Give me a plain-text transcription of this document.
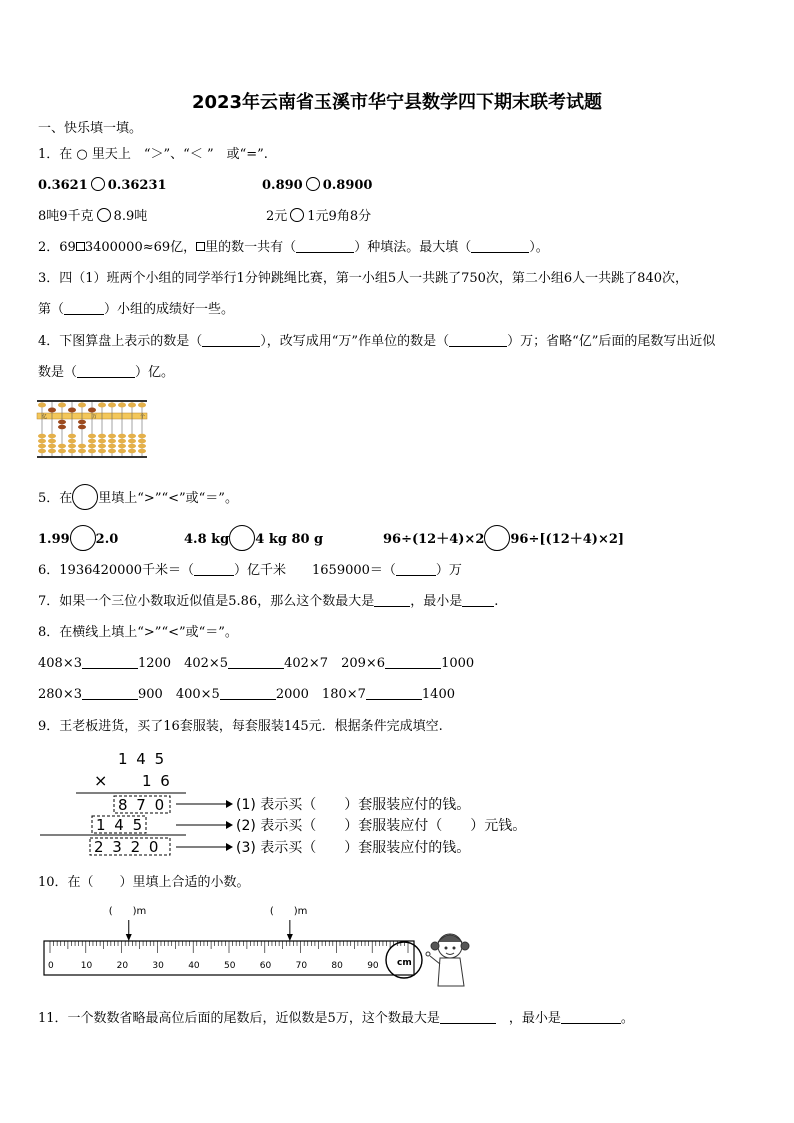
2023年云南省玉溪市华宁县数学四下期末联考试题
一、快乐填一填。
1．在 ○ 里天上　“＞”、“＜ ”　或“=”.
0.3621 0.36231	0.890 0.8900
8吨9千克 8.9吨	2元 1元9角8分
2．69 3400000≈69亿， 里的数一共有（	）种填法。最大填（	）。
3．四（1）班两个小组的同学举行1分钟跳绳比赛，第一小组5人一共跳了750次，第二小组6人一共跳了840次，
第（	）小组的成绩好一些。
4．下图算盘上表示的数是（	），改写成用“万”作单位的数是（	）万；省略“亿”后面的尾数写出近似
数是（	）亿。
亿	万	个
5．在 里填上“>”“<”或“＝”。
1.99 2.0	4.8 kg 4 kg 80 g	96÷(12＋4)×2 96÷[(12＋4)×2]
6．1936420000千米＝（	）亿千米　　 1659000＝（	）万
7．如果一个三位小数取近似值是5.86，那么这个数最大是	，最小是 .
8．在横线上填上“>”“<”或“＝”。
408×3	1200　 402×5	402×7　 209×6	1000
280×3	900　 400×5	2000　 180×7	1400
9．王老板进货，买了16套服装，每套服装145元．根据条件完成填空.
1 4 5
× 1 6
8 7 0
1 4 5
2 3 2 0
(1) 表示买（　　）套服装应付的钱。
(2) 表示买（　　）套服装应付（　　）元钱。
(3) 表示买（　　）套服装应付的钱。
10．在（　　）里填上合适的小数。
0	10	20	30	40	50	60	70	80	90
(　　)m	(　　)m
cm
11．一个数数省略最高位后面的尾数后，近似数是5万，这个数最大是　	，最小是	。
